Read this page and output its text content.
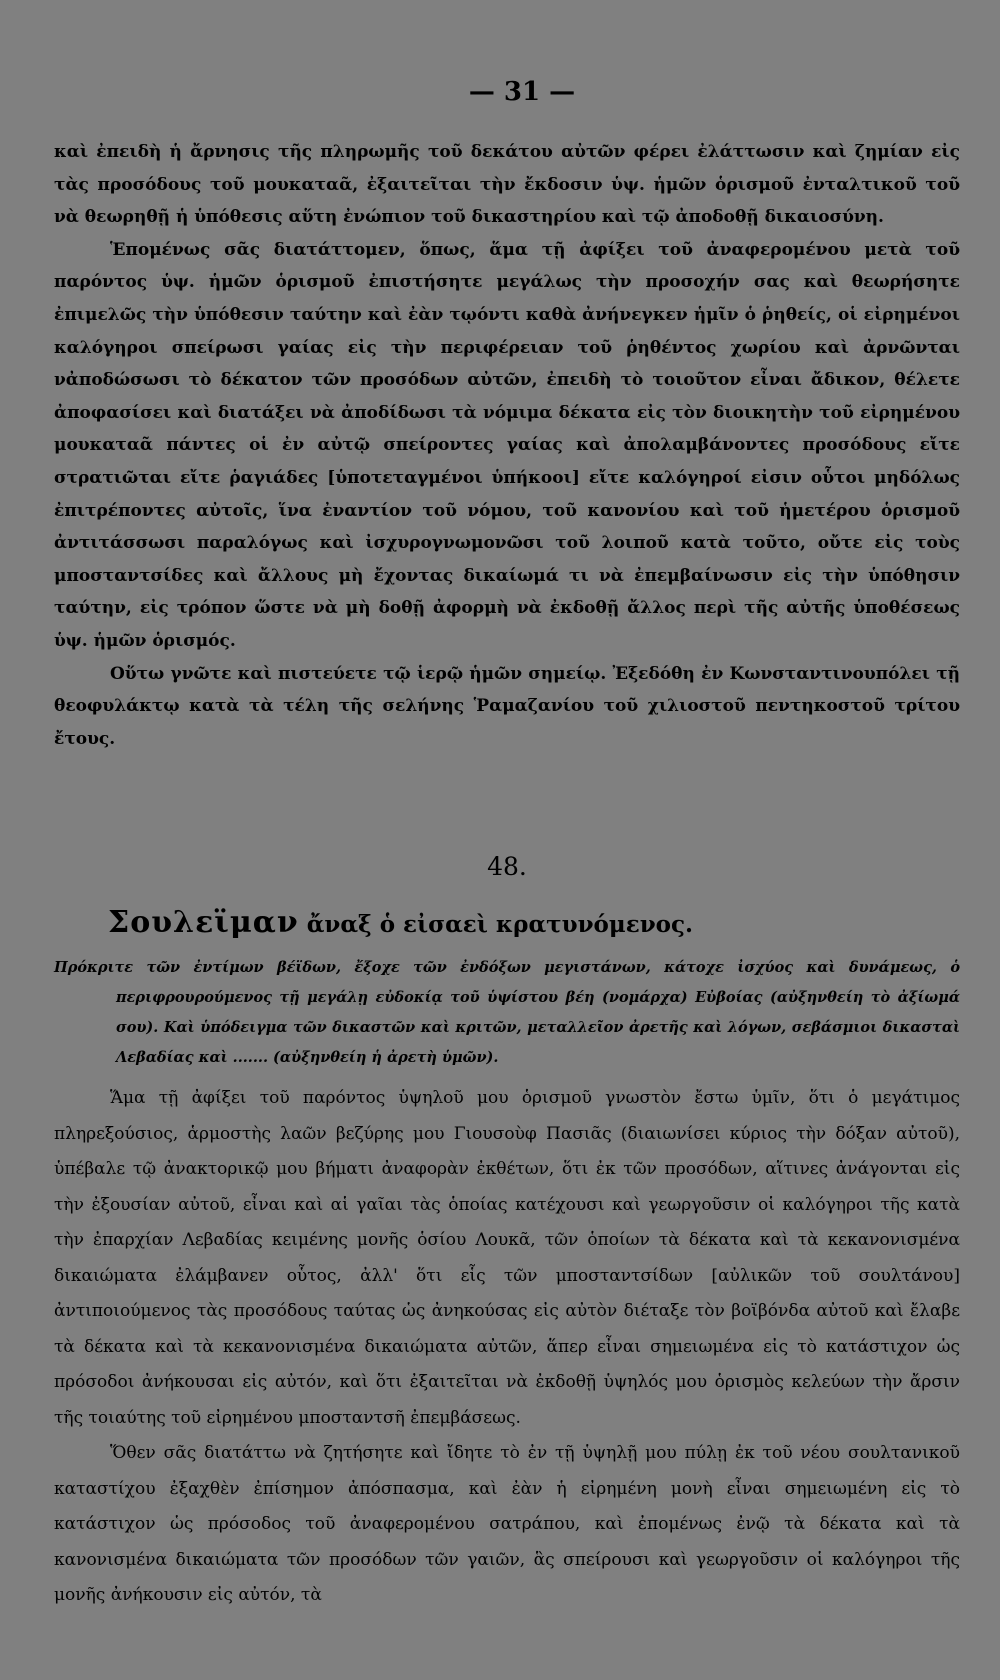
— 31 —

καὶ ἐπειδὴ ἡ ἄρνησις τῆς πληρωμῆς τοῦ δεκάτου αὐτῶν φέρει ἐλάττωσιν καὶ ζημίαν εἰς τὰς προσόδους τοῦ μουκαταᾶ, ἐξαιτεῖται τὴν ἔκδοσιν ὑψ. ἡμῶν ὁρισμοῦ ἐνταλτικοῦ τοῦ νὰ θεωρηθῇ ἡ ὑπόθεσις αὕτη ἐνώπιον τοῦ δικαστηρίου καὶ τῷ ἀποδοθῇ δικαιοσύνη.

Ἑπομένως σᾶς διατάττομεν, ὅπως, ἅμα τῇ ἀφίξει τοῦ ἀναφερομένου μετὰ τοῦ παρόντος ὑψ. ἡμῶν ὁρισμοῦ ἐπιστήσητε μεγάλως τὴν προσοχήν σας καὶ θεωρήσητε ἐπιμελῶς τὴν ὑπόθεσιν ταύτην καὶ ἐὰν τῳόντι καθὰ ἀνήνεγκεν ἡμῖν ὁ ῥηθείς, οἱ εἰρημένοι καλόγηροι σπείρωσι γαίας εἰς τὴν περιφέρειαν τοῦ ῥηθέντος χωρίου καὶ ἀρνῶνται νἀποδώσωσι τὸ δέκατον τῶν προσόδων αὐτῶν, ἐπειδὴ τὸ τοιοῦτον εἶναι ἄδικον, θέλετε ἀποφασίσει καὶ διατάξει νὰ ἀποδίδωσι τὰ νόμιμα δέκατα εἰς τὸν διοικητὴν τοῦ εἰρημένου μουκαταᾶ πάντες οἱ ἐν αὐτῷ σπείροντες γαίας καὶ ἀπολαμβάνοντες προσόδους εἴτε στρατιῶται εἴτε ῥαγιάδες [ὑποτεταγμένοι ὑπήκοοι] εἴτε καλόγηροί εἰσιν οὗτοι μηδόλως ἐπιτρέποντες αὐτοῖς, ἵνα ἐναντίον τοῦ νόμου, τοῦ κανονίου καὶ τοῦ ἡμετέρου ὁρισμοῦ ἀντιτάσσωσι παραλόγως καὶ ἰσχυρογνωμονῶσι τοῦ λοιποῦ κατὰ τοῦτο, οὔτε εἰς τοὺς μποσταντσίδες καὶ ἄλλους μὴ ἔχοντας δικαίωμά τι νὰ ἐπεμβαίνωσιν εἰς τὴν ὑπόθησιν ταύτην, εἰς τρόπον ὥστε νὰ μὴ δοθῇ ἀφορμὴ νὰ ἐκδοθῇ ἄλλος περὶ τῆς αὐτῆς ὑποθέσεως ὑψ. ἡμῶν ὁρισμός.

Οὕτω γνῶτε καὶ πιστεύετε τῷ ἱερῷ ἡμῶν σημείῳ. Ἐξεδόθη ἐν Κωνσταντινουπόλει τῇ θεοφυλάκτῳ κατὰ τὰ τέλη τῆς σελήνης Ῥαμαζανίου τοῦ χιλιοστοῦ πεντηκοστοῦ τρίτου ἔτους.

48.
Σουλεϊμαν ἄναξ ὁ εἰσαεὶ κρατυνόμενος.

Πρόκριτε τῶν ἐντίμων βέϊδων, ἔξοχε τῶν ἐνδόξων μεγιστάνων, κάτοχε ἰσχύος καὶ δυνάμεως, ὁ περιφρουρούμενος τῇ μεγάλῃ εὐδοκίᾳ τοῦ ὑψίστου βέη (νομάρχα) Εὐβοίας (αὐξηνθείη τὸ ἀξίωμά σου). Καὶ ὑπόδειγμα τῶν δικαστῶν καὶ κριτῶν, μεταλλεῖον ἀρετῆς καὶ λόγων, σεβάσμιοι δικασταὶ Λεβαδίας καὶ ....... (αὐξηνθείη ἡ ἀρετὴ ὑμῶν).

Ἅμα τῇ ἀφίξει τοῦ παρόντος ὑψηλοῦ μου ὁρισμοῦ γνωστὸν ἔστω ὑμῖν, ὅτι ὁ μεγάτιμος πληρεξούσιος, ἁρμοστὴς λαῶν βεζύρης μου Γιουσοὺφ Πασιᾶς (διαιωνίσει κύριος τὴν δόξαν αὐτοῦ), ὑπέβαλε τῷ ἀνακτορικῷ μου βήματι ἀναφορὰν ἐκθέτων, ὅτι ἐκ τῶν προσόδων, αἵτινες ἀνάγονται εἰς τὴν ἐξουσίαν αὐτοῦ, εἶναι καὶ αἱ γαῖαι τὰς ὁποίας κατέχουσι καὶ γεωργοῦσιν οἱ καλόγηροι τῆς κατὰ τὴν ἐπαρχίαν Λεβαδίας κειμένης μονῆς ὁσίου Λουκᾶ, τῶν ὁποίων τὰ δέκατα καὶ τὰ κεκανονισμένα δικαιώματα ἐλάμβανεν οὗτος, ἀλλ' ὅτι εἷς τῶν μποσταντσίδων [αὐλικῶν τοῦ σουλτάνου] ἀντιποιούμενος τὰς προσόδους ταύτας ὡς ἀνηκούσας εἰς αὐτὸν διέταξε τὸν βοϊβόνδα αὐτοῦ καὶ ἔλαβε τὰ δέκατα καὶ τὰ κεκανονισμένα δικαιώματα αὐτῶν, ἅπερ εἶναι σημειωμένα εἰς τὸ κατάστιχον ὡς πρόσοδοι ἀνήκουσαι εἰς αὐτόν, καὶ ὅτι ἐξαιτεῖται νὰ ἐκδοθῇ ὑψηλός μου ὁρισμὸς κελεύων τὴν ἄρσιν τῆς τοιαύτης τοῦ εἰρημένου μποσταντσῆ ἐπεμβάσεως.

Ὅθεν σᾶς διατάττω νὰ ζητήσητε καὶ ἴδητε τὸ ἐν τῇ ὑψηλῇ μου πύλῃ ἐκ τοῦ νέου σουλτανικοῦ καταστίχου ἐξαχθὲν ἐπίσημον ἀπόσπασμα, καὶ ἐὰν ἡ εἰρημένη μονὴ εἶναι σημειωμένη εἰς τὸ κατάστιχον ὡς πρόσοδος τοῦ ἀναφερομένου σατράπου, καὶ ἐπομένως ἐνῷ τὰ δέκατα καὶ τὰ κανονισμένα δικαιώματα τῶν προσόδων τῶν γαιῶν, ἃς σπείρουσι καὶ γεωργοῦσιν οἱ καλόγηροι τῆς μονῆς ἀνήκουσιν εἰς αὐτόν, τὰ
